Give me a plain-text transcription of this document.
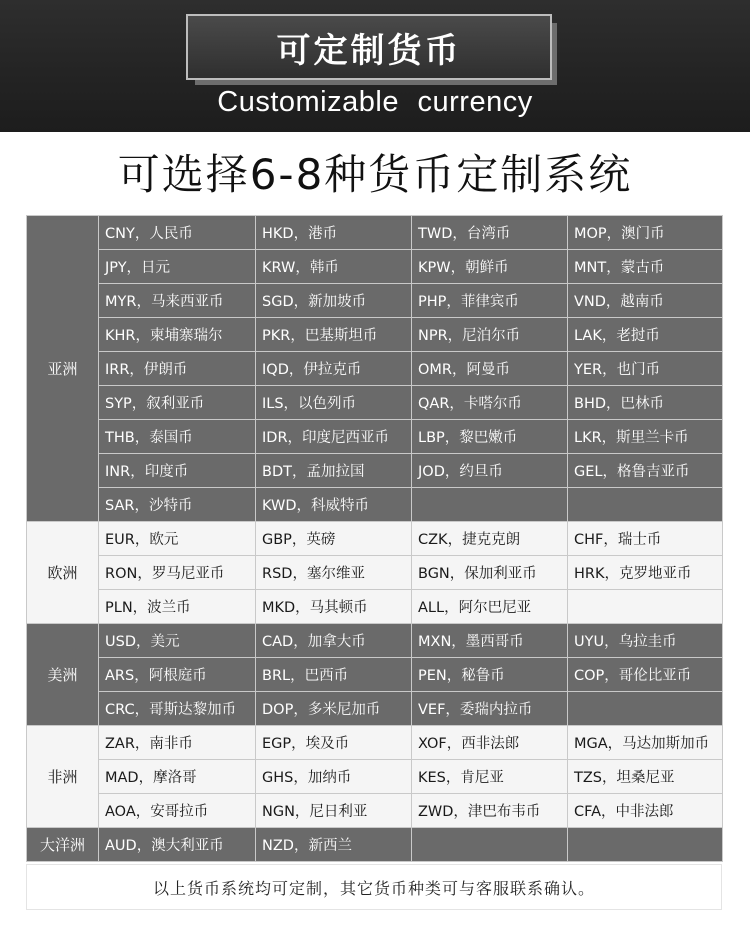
可定制货币
Customizable currency
可选择6-8种货币定制系统
亚洲	CNY，人民币	HKD，港币	TWD，台湾币	MOP，澳门币
	JPY，日元	KRW，韩币	KPW，朝鲜币	MNT，蒙古币
	MYR，马来西亚币	SGD，新加坡币	PHP，菲律宾币	VND，越南币
	KHR，柬埔寨瑞尔	PKR，巴基斯坦币	NPR，尼泊尔币	LAK，老挝币
	IRR，伊朗币	IQD，伊拉克币	OMR，阿曼币	YER，也门币
	SYP，叙利亚币	ILS，以色列币	QAR，卡嗒尔币	BHD，巴林币
	THB，泰国币	IDR，印度尼西亚币	LBP，黎巴嫩币	LKR，斯里兰卡币
	INR，印度币	BDT，孟加拉国	JOD，约旦币	GEL，格鲁吉亚币
	SAR，沙特币	KWD，科威特币		
欧洲	EUR，欧元	GBP，英磅	CZK，捷克克朗	CHF，瑞士币
	RON，罗马尼亚币	RSD，塞尔维亚	BGN，保加利亚币	HRK，克罗地亚币
	PLN，波兰币	MKD，马其顿币	ALL，阿尔巴尼亚	
美洲	USD，美元	CAD，加拿大币	MXN，墨西哥币	UYU，乌拉圭币
	ARS，阿根庭币	BRL，巴西币	PEN，秘鲁币	COP，哥伦比亚币
	CRC，哥斯达黎加币	DOP，多米尼加币	VEF，委瑞内拉币	
非洲	ZAR，南非币	EGP，埃及币	XOF，西非法郎	MGA，马达加斯加币
	MAD，摩洛哥	GHS，加纳币	KES，肯尼亚	TZS，坦桑尼亚
	AOA，安哥拉币	NGN，尼日利亚	ZWD，津巴布韦币	CFA，中非法郎
大洋洲	AUD，澳大利亚币	NZD，新西兰		
以上货币系统均可定制，其它货币种类可与客服联系确认。
